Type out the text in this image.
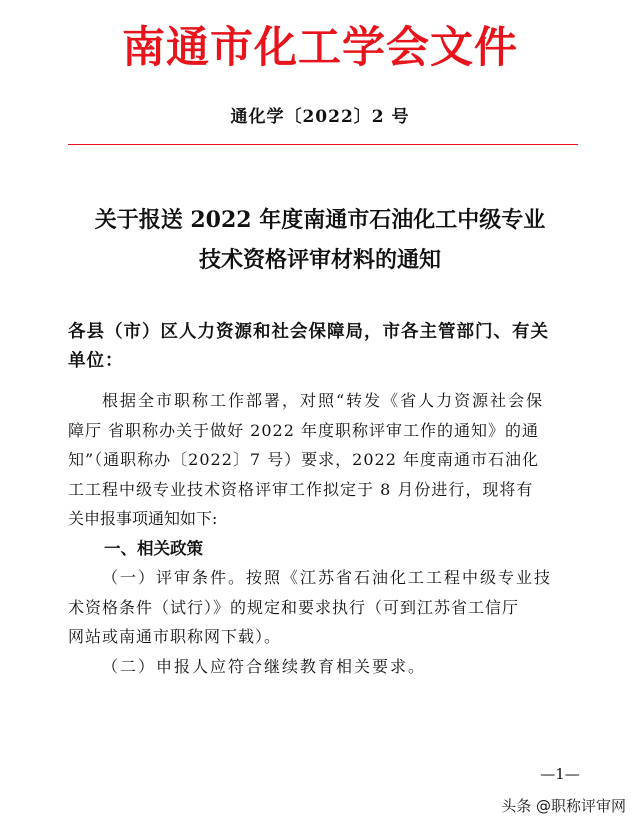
南通市化工学会文件
通化学〔2022〕2 号
关于报送 2022 年度南通市石油化工中级专业
技术资格评审材料的通知
各县（市）区人力资源和社会保障局，市各主管部门、有关
单位：
根据全市职称工作部署，对照“转发《省人力资源社会保
障厅 省职称办关于做好 2022 年度职称评审工作的通知》的通
知”（通职称办〔2022〕7 号）要求，2022 年度南通市石油化
工工程中级专业技术资格评审工作拟定于 8 月份进行，现将有
关申报事项通知如下:
一、相关政策
（一）评审条件。按照《江苏省石油化工工程中级专业技
术资格条件（试行）》的规定和要求执行（可到江苏省工信厅
网站或南通市职称网下载）。
（二）申报人应符合继续教育相关要求。
—1—
头条 @职称评审网
